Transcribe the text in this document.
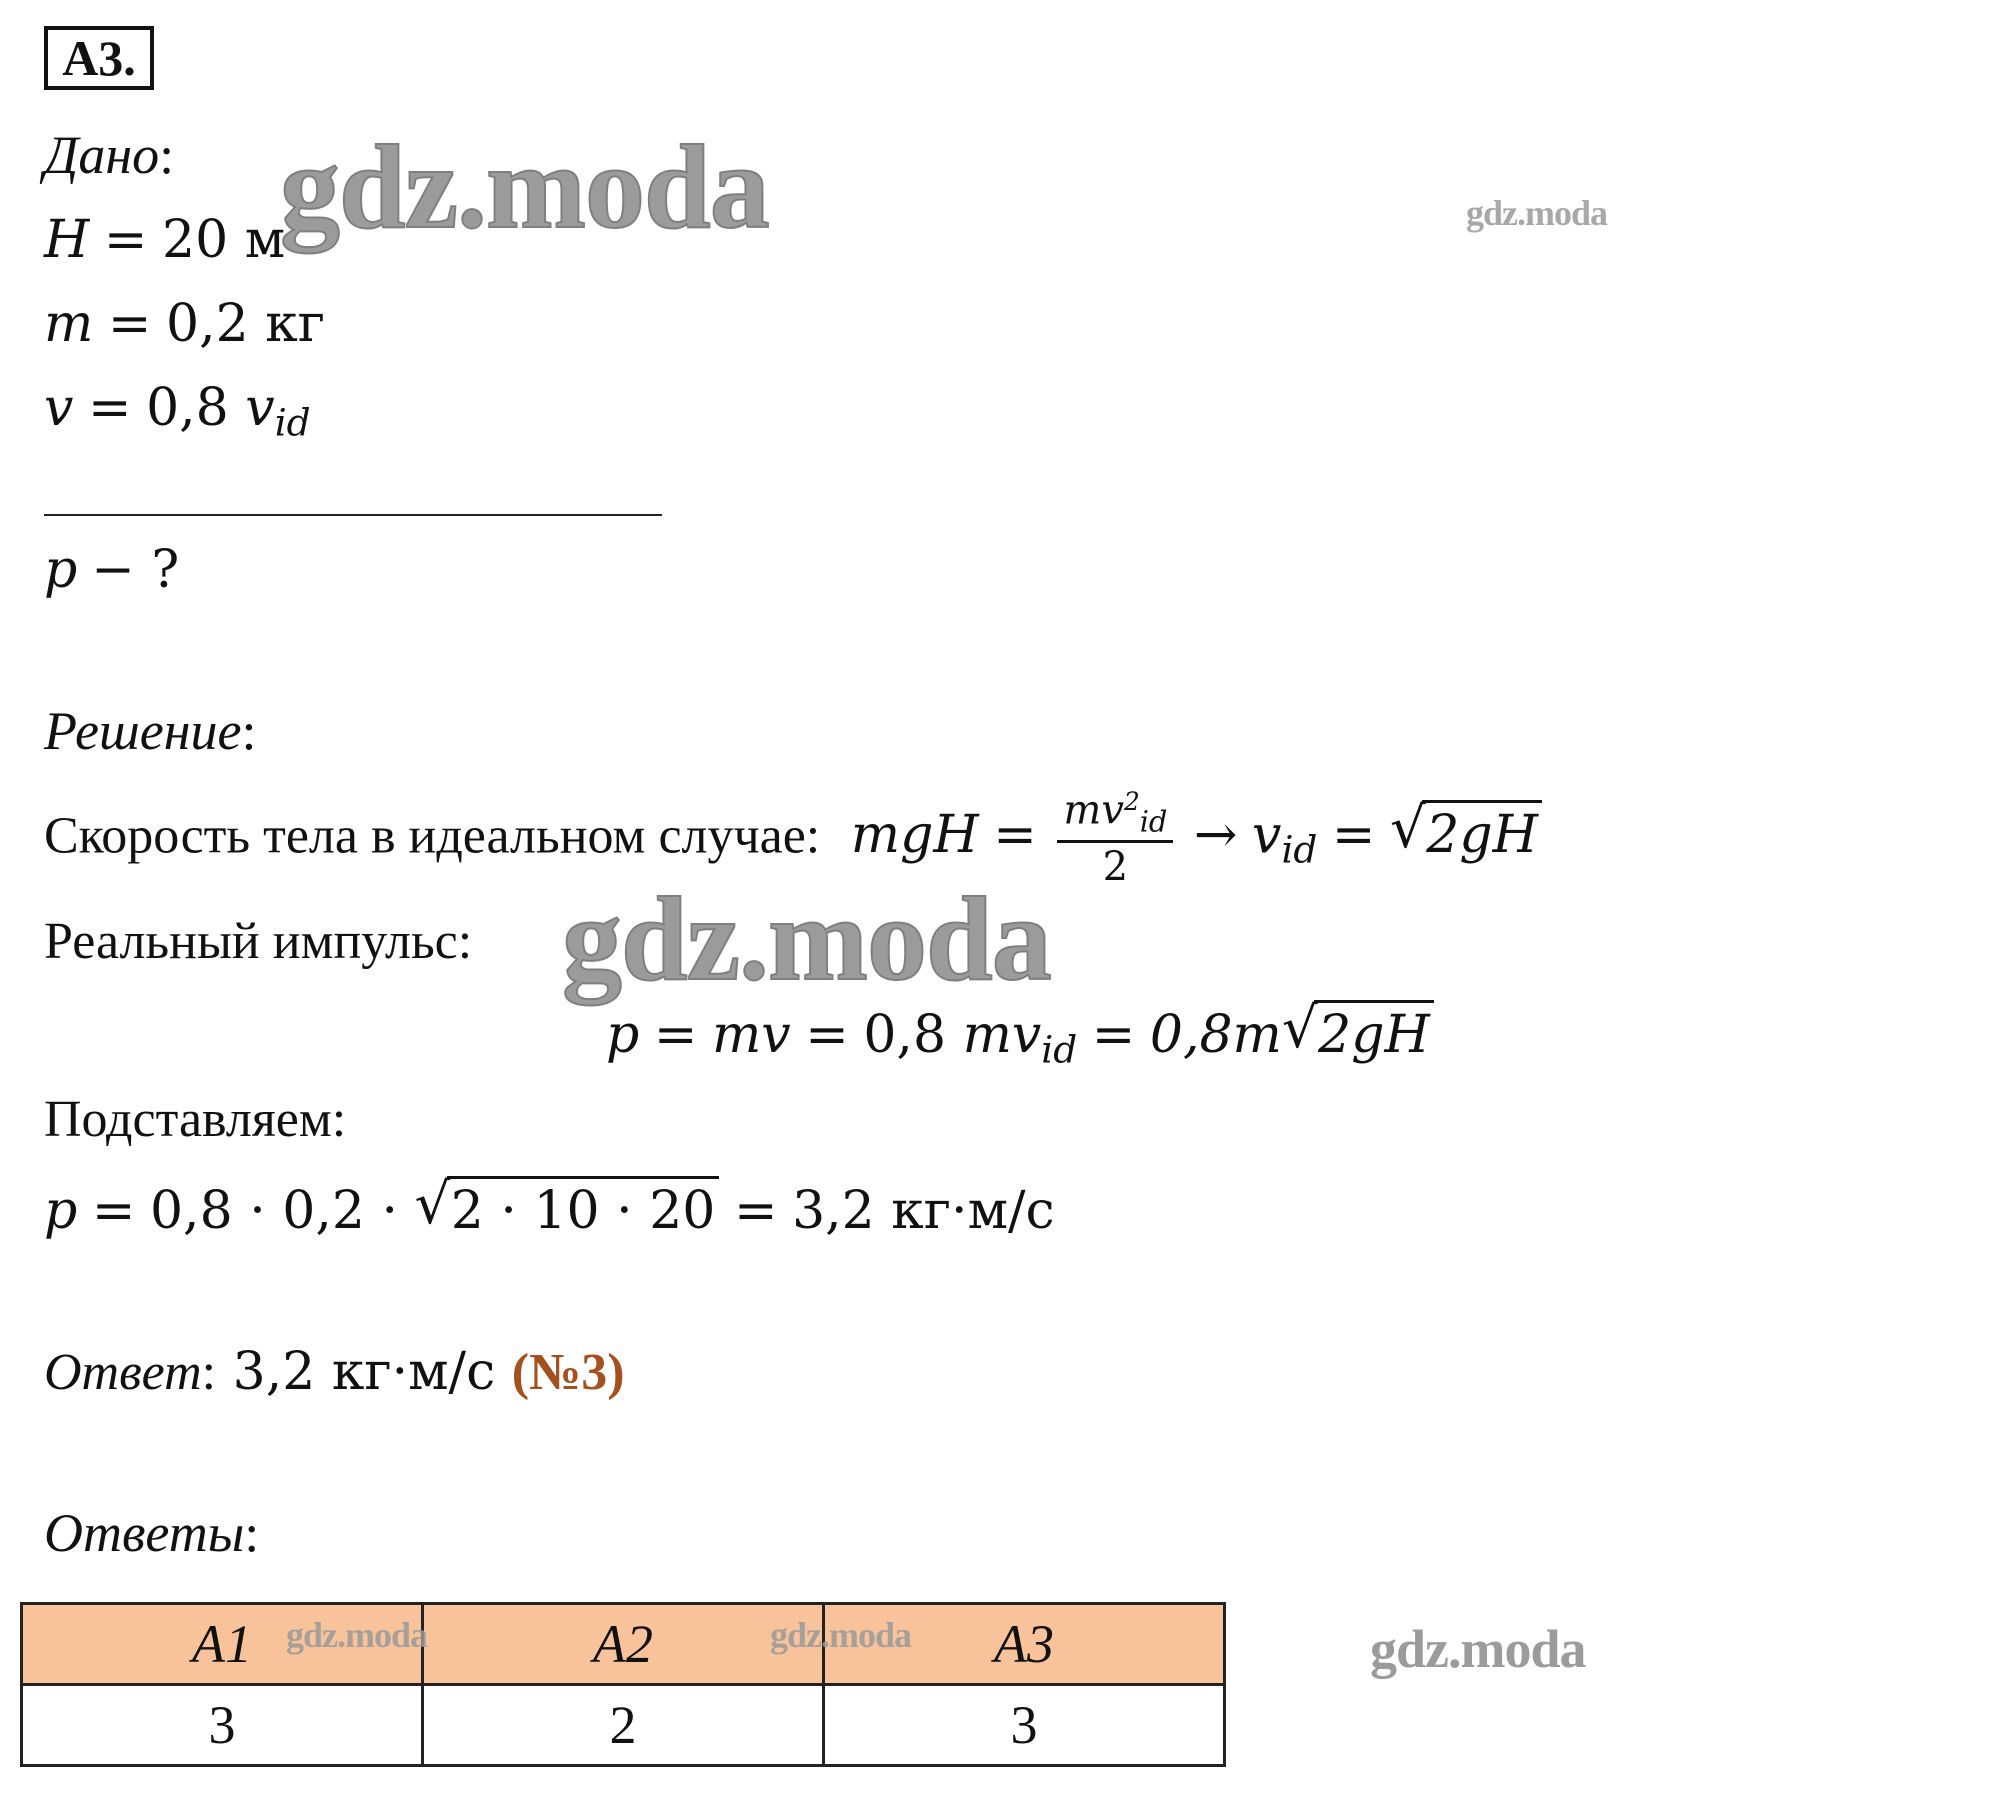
А3.
Дано:
H = 20 м
m = 0,2 кг
v = 0,8 $v_{id}$
p − ?
Решение:
Скорость тела в идеальном случае: mgH = $\frac{mv^2_{id}}{2} \to v_{id}$ = √ 2gH
Реальный импульс:
p = mv = 0,8 $mv_{id} = 0,8m$ √ 2gH
Подставляем:
p = 0,8 · 0,2 · √ 2 · 10 · 20 = 3,2 кг·м/с
Ответ: 3,2 кг·м/с (№3)
Ответы:
A1	A2	A3
3	2	3
gdz.moda	gdz.moda
gdz.moda
gdz.moda	gdz.moda	gdz.moda
